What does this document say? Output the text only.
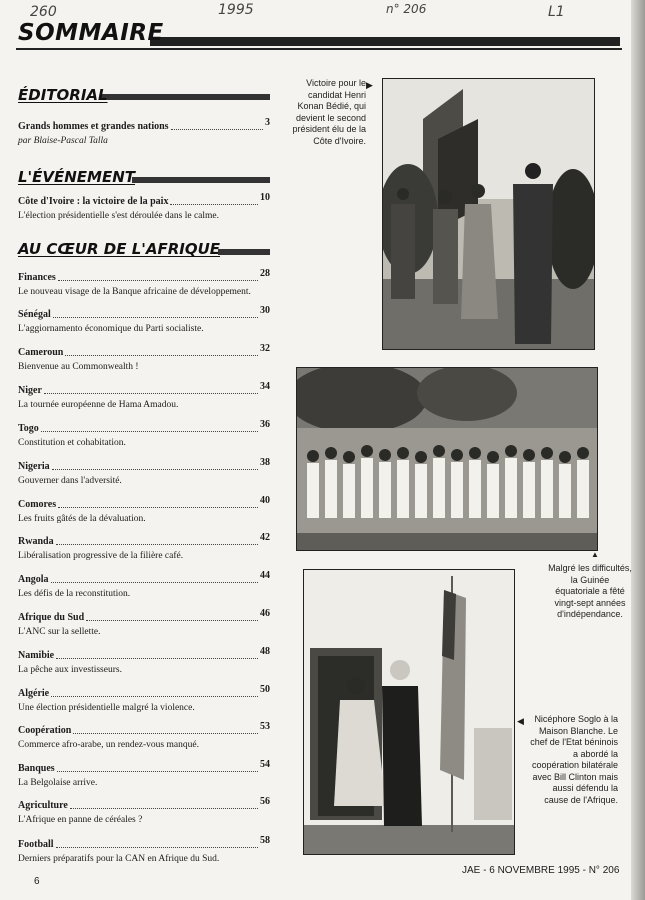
260	1995	n° 206	L1
SOMMAIRE
ÉDITORIAL
Grands hommes et grandes nations	3
par Blaise-Pascal Talla
L'ÉVÉNEMENT
Côte d'Ivoire : la victoire de la paix	10
L'élection présidentielle s'est déroulée dans le calme.
AU CŒUR DE L'AFRIQUE
Finances	28
Le nouveau visage de la Banque africaine de développement.
Sénégal	30
L'aggiornamento économique du Parti socialiste.
Cameroun	32
Bienvenue au Commonwealth !
Niger	34
La tournée européenne de Hama Amadou.
Togo	36
Constitution et cohabitation.
Nigeria	38
Gouverner dans l'adversité.
Comores	40
Les fruits gâtés de la dévaluation.
Rwanda	42
Libéralisation progressive de la filière café.
Angola	44
Les défis de la reconstitution.
Afrique du Sud	46
L'ANC sur la sellette.
Namibie	48
La pêche aux investisseurs.
Algérie	50
Une élection présidentielle malgré la violence.
Coopération	53
Commerce afro-arabe, un rendez-vous manqué.
Banques	54
La Belgolaise arrive.
Agriculture	56
L'Afrique en panne de céréales ?
Football	58
Derniers préparatifs pour la CAN en Afrique du Sud.
Victoire pour le candidat Henri Konan Bédié, qui devient le second président élu de la Côte d'Ivoire.
▶
▲
Malgré les difficultés, la Guinée équatoriale a fêté vingt-sept années d'indépendance.
◀	Nicéphore Soglo à la Maison Blanche. Le chef de l'Etat béninois a abordé la coopération bilatérale avec Bill Clinton mais aussi défendu la cause de l'Afrique.
6
JAE - 6 NOVEMBRE 1995 - N° 206
